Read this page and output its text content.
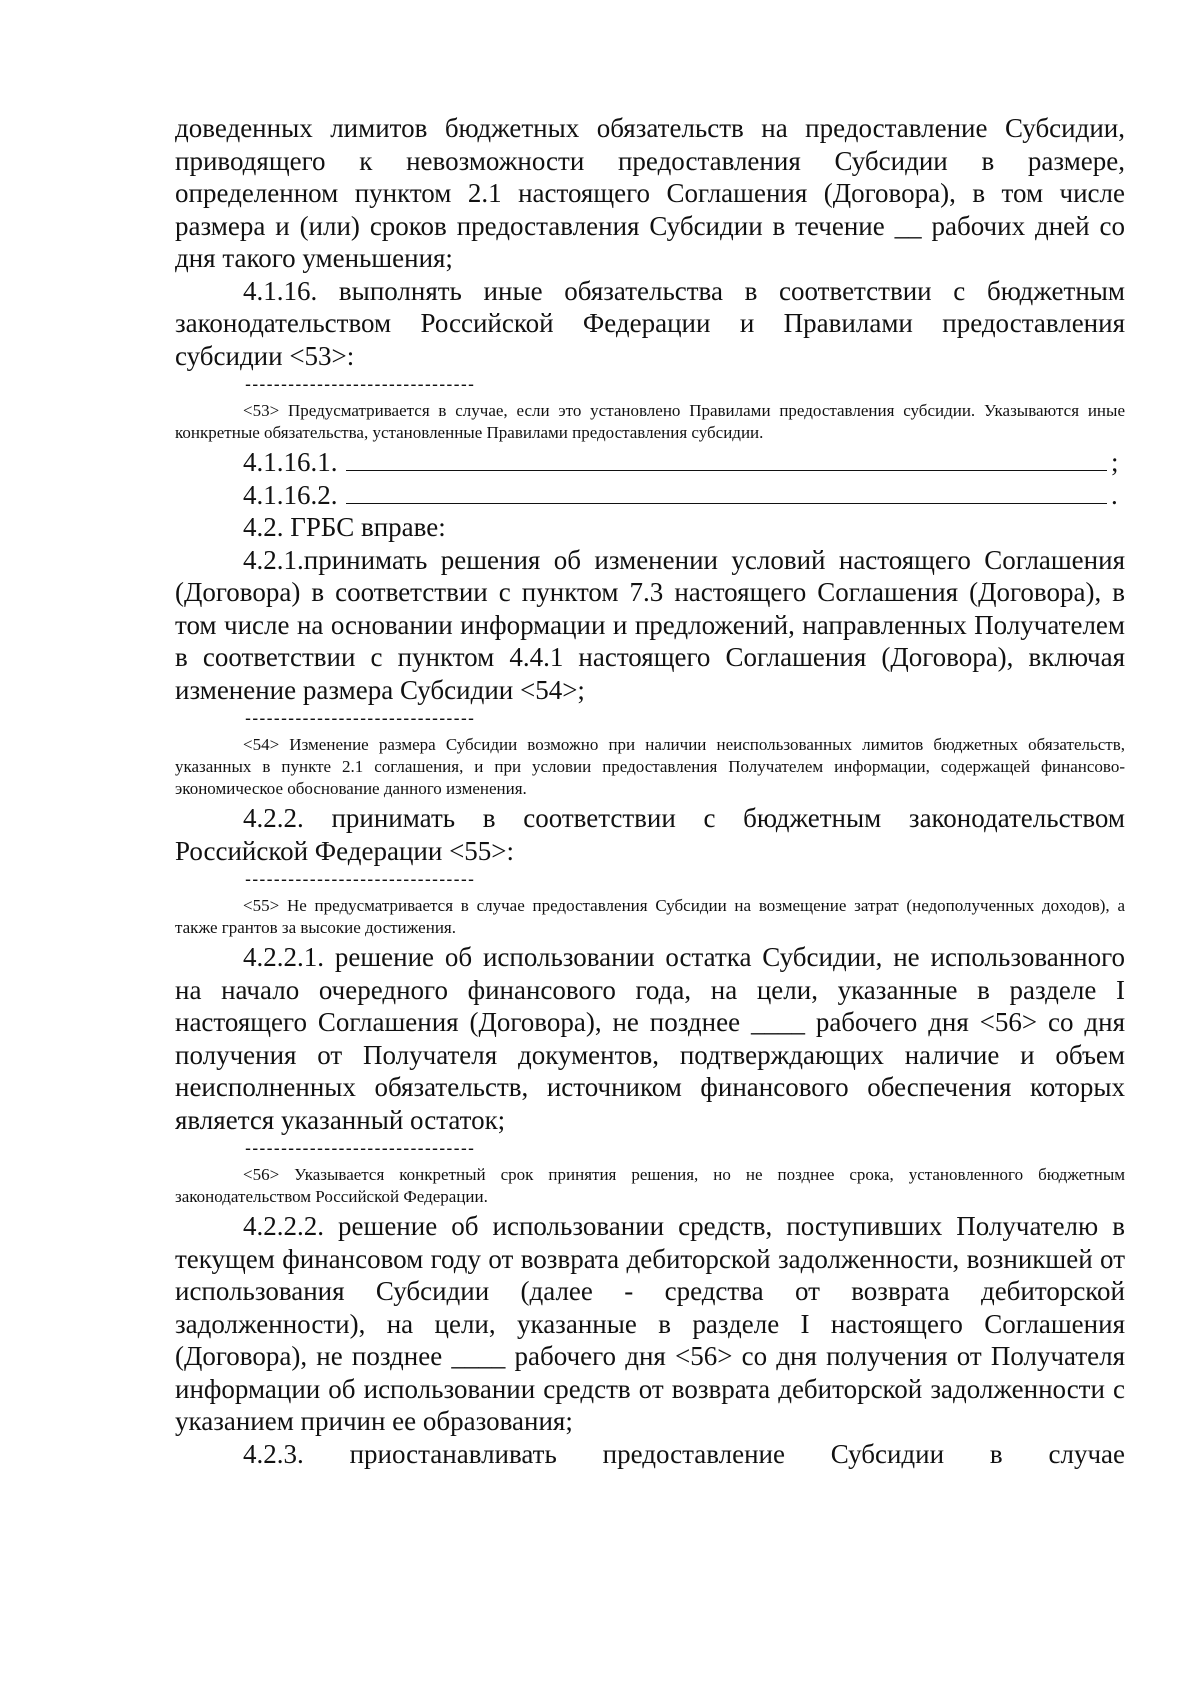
доведенных лимитов бюджетных обязательств на предоставление Субсидии, приводящего к невозможности предоставления Субсидии в размере, определенном пунктом 2.1 настоящего Соглашения (Договора), в том числе размера и (или) сроков предоставления Субсидии в течение __ рабочих дней со дня такого уменьшения;

4.1.16. выполнять иные обязательства в соответствии с бюджетным законодательством Российской Федерации и Правилами предоставления субсидии <53>:

--------------------------------

<53> Предусматривается в случае, если это установлено Правилами предоставления субсидии. Указываются иные конкретные обязательства, установленные Правилами предоставления субсидии.

4.1.16.1.	;
4.1.16.2.	.

4.2. ГРБС вправе:

4.2.1.принимать решения об изменении условий настоящего Соглашения (Договора) в соответствии с пунктом 7.3 настоящего Соглашения (Договора), в том числе на основании информации и предложений, направленных Получателем в соответствии с пунктом 4.4.1 настоящего Соглашения (Договора), включая изменение размера Субсидии <54>;

--------------------------------

<54> Изменение размера Субсидии возможно при наличии неиспользованных лимитов бюджетных обязательств, указанных в пункте 2.1 соглашения, и при условии предоставления Получателем информации, содержащей финансово-экономическое обоснование данного изменения.

4.2.2. принимать в соответствии с бюджетным законодательством Российской Федерации <55>:

--------------------------------

<55> Не предусматривается в случае предоставления Субсидии на возмещение затрат (недополученных доходов), а также грантов за высокие достижения.

4.2.2.1. решение об использовании остатка Субсидии, не использованного на начало очередного финансового года, на цели, указанные в разделе I настоящего Соглашения (Договора), не позднее ____ рабочего дня <56> со дня получения от Получателя документов, подтверждающих наличие и объем неисполненных обязательств, источником финансового обеспечения которых является указанный остаток;

--------------------------------

<56> Указывается конкретный срок принятия решения, но не позднее срока, установленного бюджетным законодательством Российской Федерации.

4.2.2.2. решение об использовании средств, поступивших Получателю в текущем финансовом году от возврата дебиторской задолженности, возникшей от использования Субсидии (далее - средства от возврата дебиторской задолженности), на цели, указанные в разделе I настоящего Соглашения (Договора), не позднее ____ рабочего дня <56> со дня получения от Получателя информации об использовании средств от возврата дебиторской задолженности с указанием причин ее образования;

4.2.3. приостанавливать предоставление Субсидии в случае
